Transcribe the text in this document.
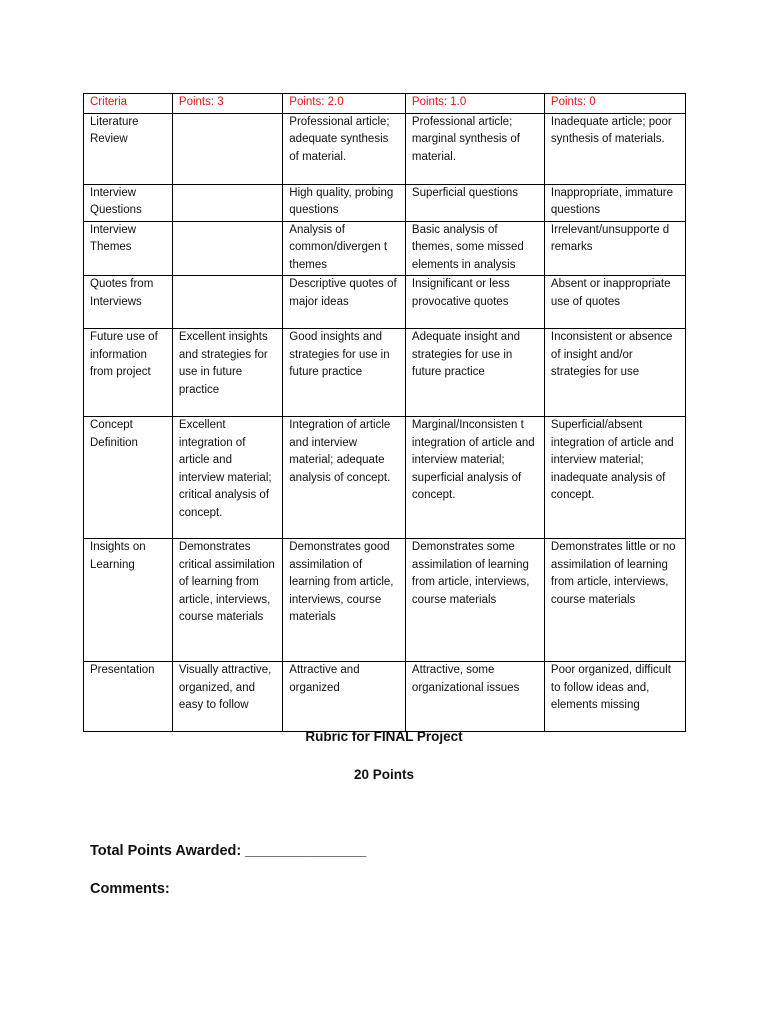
Criteria	Points: 3	Points: 2.0	Points: 1.0	Points: 0
Literature Review		Professional article; adequate synthesis of material.	Professional article; marginal synthesis of material.	Inadequate article; poor synthesis of materials.
Interview Questions		High quality, probing questions	Superficial questions	Inappropriate, immature questions
Interview Themes		Analysis of common/divergen t themes	Basic analysis of themes, some missed elements in analysis	Irrelevant/unsupporte d remarks
Quotes from Interviews		Descriptive quotes of major ideas	Insignificant or less provocative quotes	Absent or inappropriate use of quotes
Future use of information from project	Excellent insights and strategies for use in future practice	Good insights and strategies for use in future practice	Adequate insight and strategies for use in future practice	Inconsistent or absence of insight and/or strategies for use
Concept Definition	Excellent integration of article and interview material; critical analysis of concept.	Integration of article and interview material; adequate analysis of concept.	Marginal/Inconsisten t integration of article and interview material; superficial analysis of concept.	Superficial/absent integration of article and interview material; inadequate analysis of concept.
Insights on Learning	Demonstrates critical assimilation of learning from article, interviews, course materials	Demonstrates good assimilation of learning from article, interviews, course materials	Demonstrates some assimilation of learning from article, interviews, course materials	Demonstrates little or no assimilation of learning from article, interviews, course materials
Presentation	Visually attractive, organized, and easy to follow	Attractive and organized	Attractive, some organizational issues	Poor organized, difficult to follow ideas and, elements missing
Rubric for FINAL Project
20 Points
Total Points Awarded: _______________
Comments:
